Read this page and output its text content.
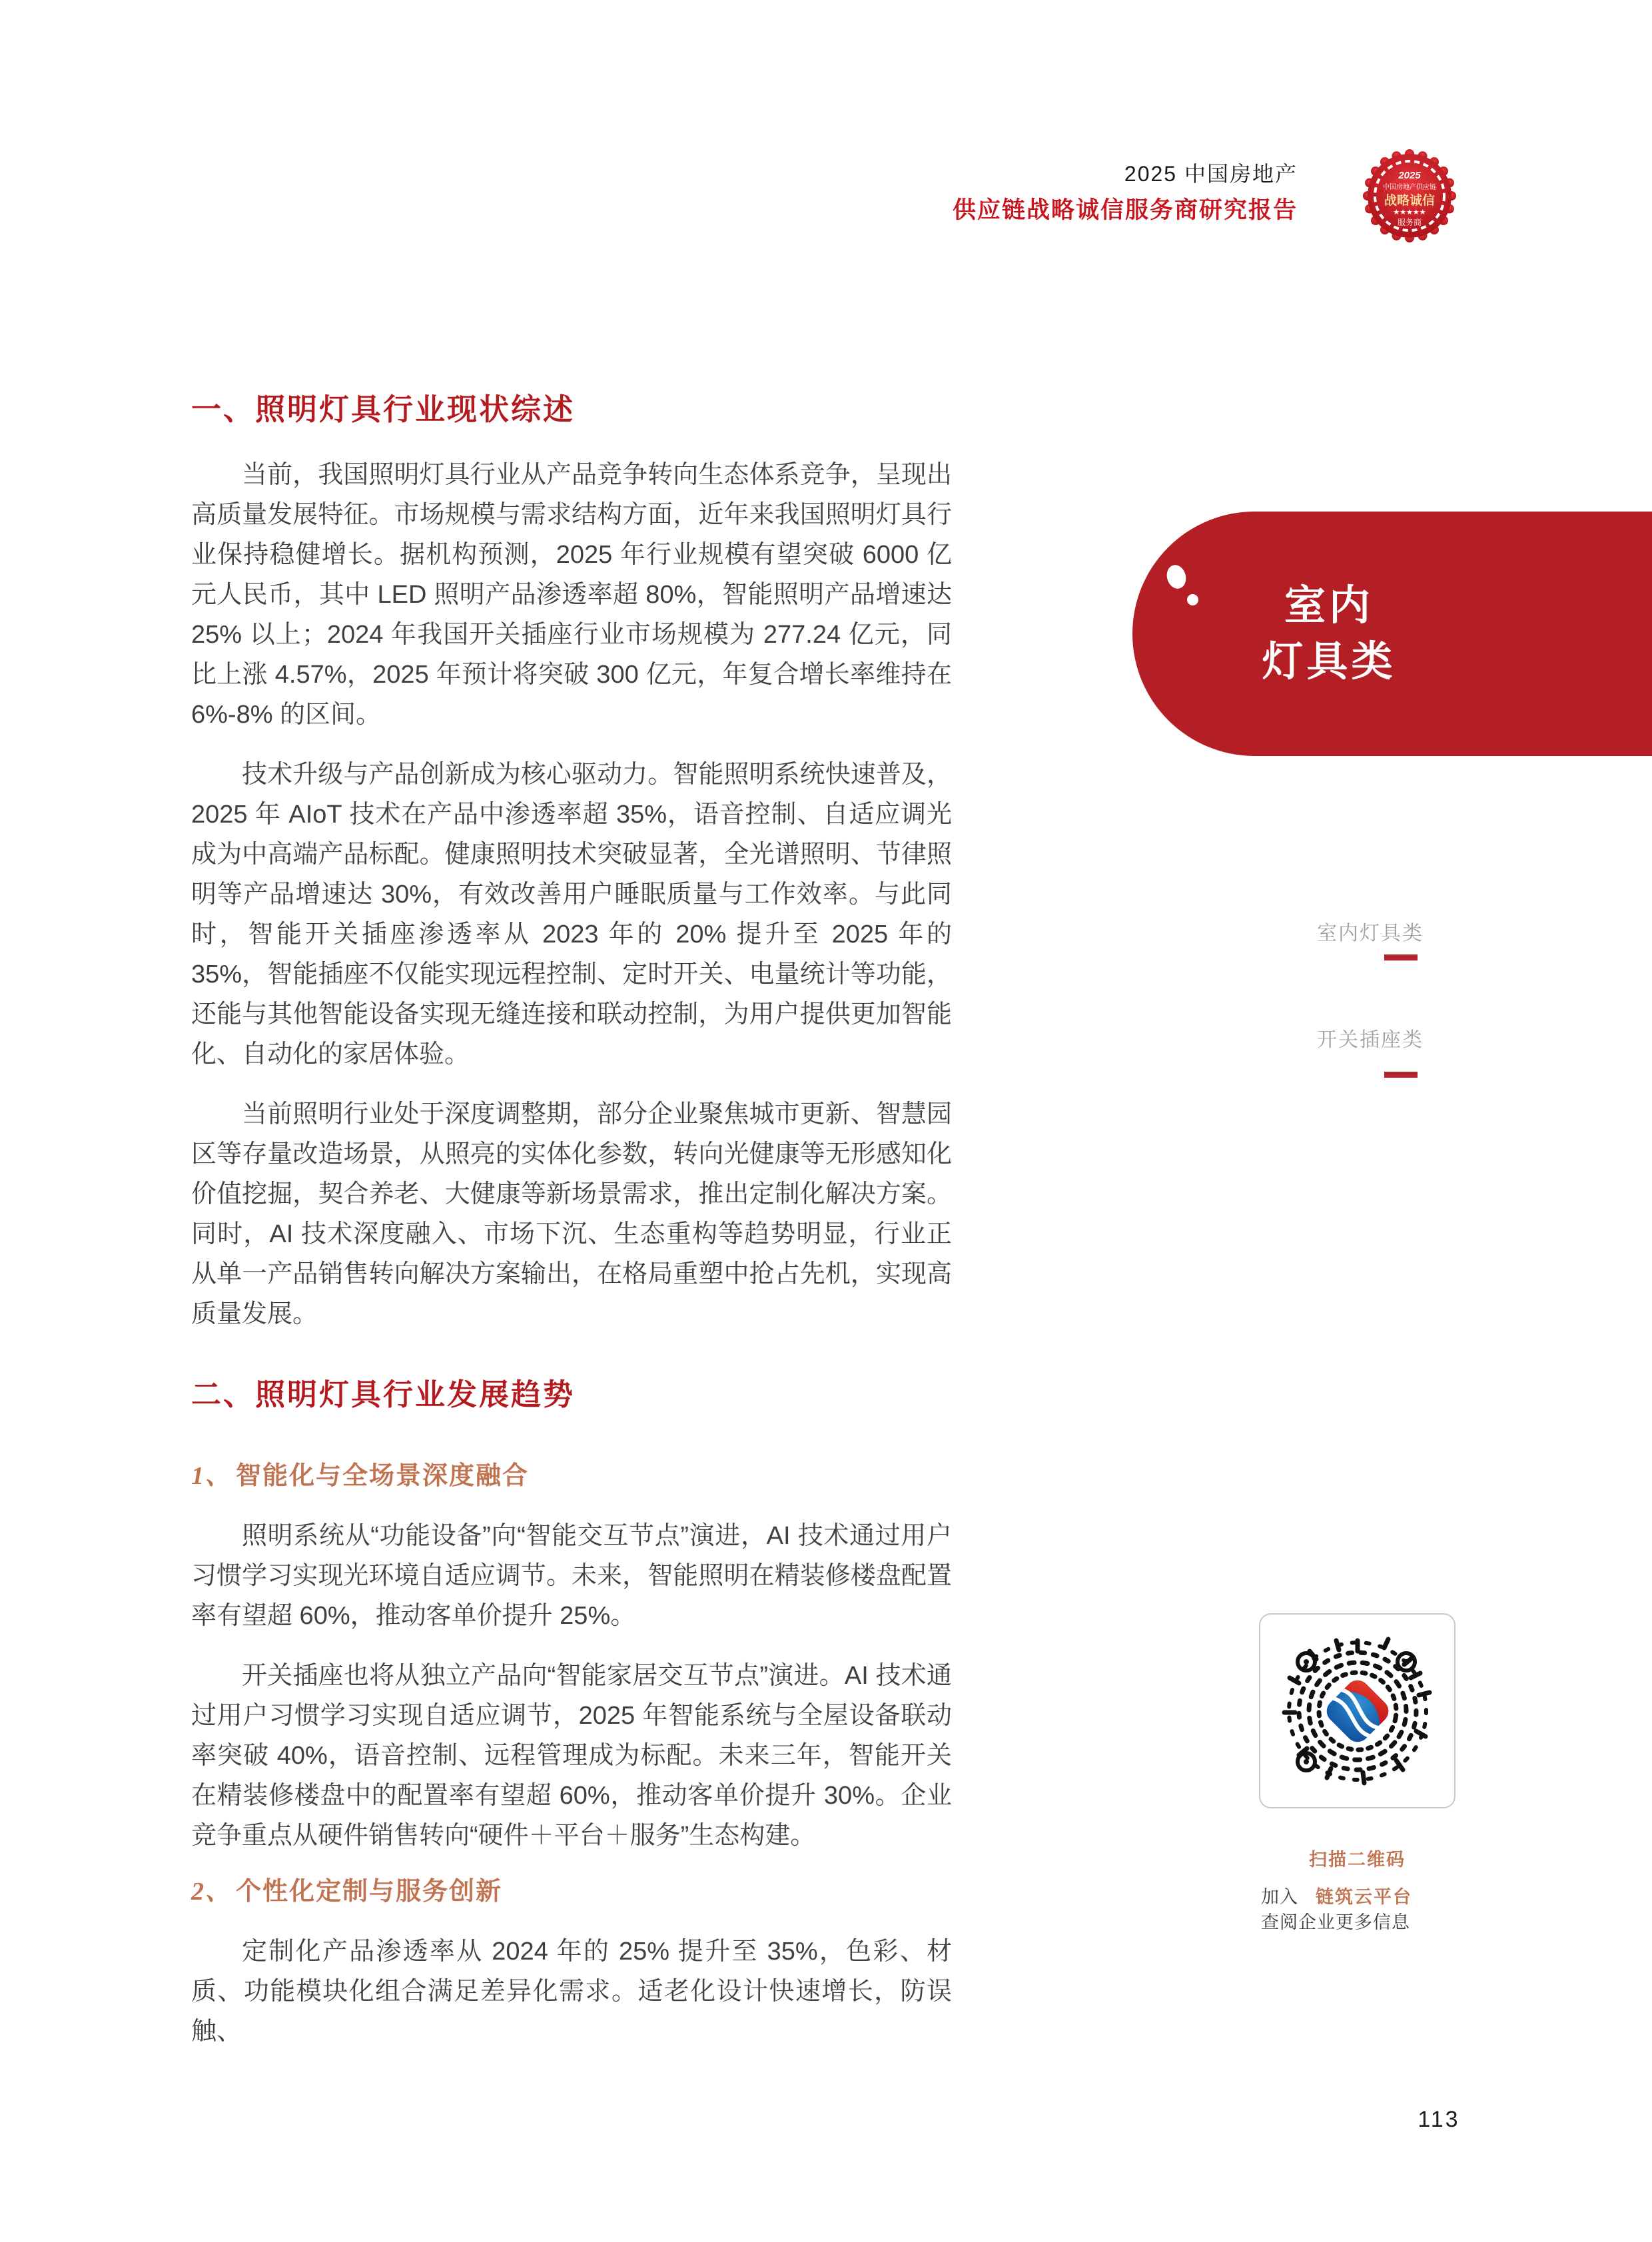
2025 中国房地产
供应链战略诚信服务商研究报告
2025
中国房地产供应链
战略诚信
★★★★★
服务商
一、照明灯具行业现状综述

当前，我国照明灯具行业从产品竞争转向生态体系竞争，呈现出高质量发展特征。市场规模与需求结构方面，近年来我国照明灯具行业保持稳健增长。据机构预测，2025 年行业规模有望突破 6000 亿元人民币，其中 LED 照明产品渗透率超 80%，智能照明产品增速达 25% 以上；2024 年我国开关插座行业市场规模为 277.24 亿元，同比上涨 4.57%，2025 年预计将突破 300 亿元，年复合增长率维持在 6%-8% 的区间。

技术升级与产品创新成为核心驱动力。智能照明系统快速普及，2025 年 AIoT 技术在产品中渗透率超 35%，语音控制、自适应调光成为中高端产品标配。健康照明技术突破显著，全光谱照明、节律照明等产品增速达 30%，有效改善用户睡眠质量与工作效率。与此同时，智能开关插座渗透率从 2023 年的 20% 提升至 2025 年的 35%，智能插座不仅能实现远程控制、定时开关、电量统计等功能，还能与其他智能设备实现无缝连接和联动控制，为用户提供更加智能化、自动化的家居体验。

当前照明行业处于深度调整期，部分企业聚焦城市更新、智慧园区等存量改造场景，从照亮的实体化参数，转向光健康等无形感知化价值挖掘，契合养老、大健康等新场景需求，推出定制化解决方案。同时，AI 技术深度融入、市场下沉、生态重构等趋势明显，行业正从单一产品销售转向解决方案输出，在格局重塑中抢占先机，实现高质量发展。

二、照明灯具行业发展趋势
1、 智能化与全场景深度融合

照明系统从“功能设备”向“智能交互节点”演进，AI 技术通过用户习惯学习实现光环境自适应调节。未来，智能照明在精装修楼盘配置率有望超 60%，推动客单价提升 25%。

开关插座也将从独立产品向“智能家居交互节点”演进。AI 技术通过用户习惯学习实现自适应调节，2025 年智能系统与全屋设备联动率突破 40%，语音控制、远程管理成为标配。未来三年，智能开关在精装修楼盘中的配置率有望超 60%，推动客单价提升 30%。企业竞争重点从硬件销售转向“硬件＋平台＋服务”生态构建。

2、 个性化定制与服务创新

定制化产品渗透率从 2024 年的 25% 提升至 35%，色彩、材质、功能模块化组合满足差异化需求。适老化设计快速增长，防误触、

室内
灯具类
室内灯具类
开关插座类
扫描二维码
加入 链筑云平台
查阅企业更多信息
113
